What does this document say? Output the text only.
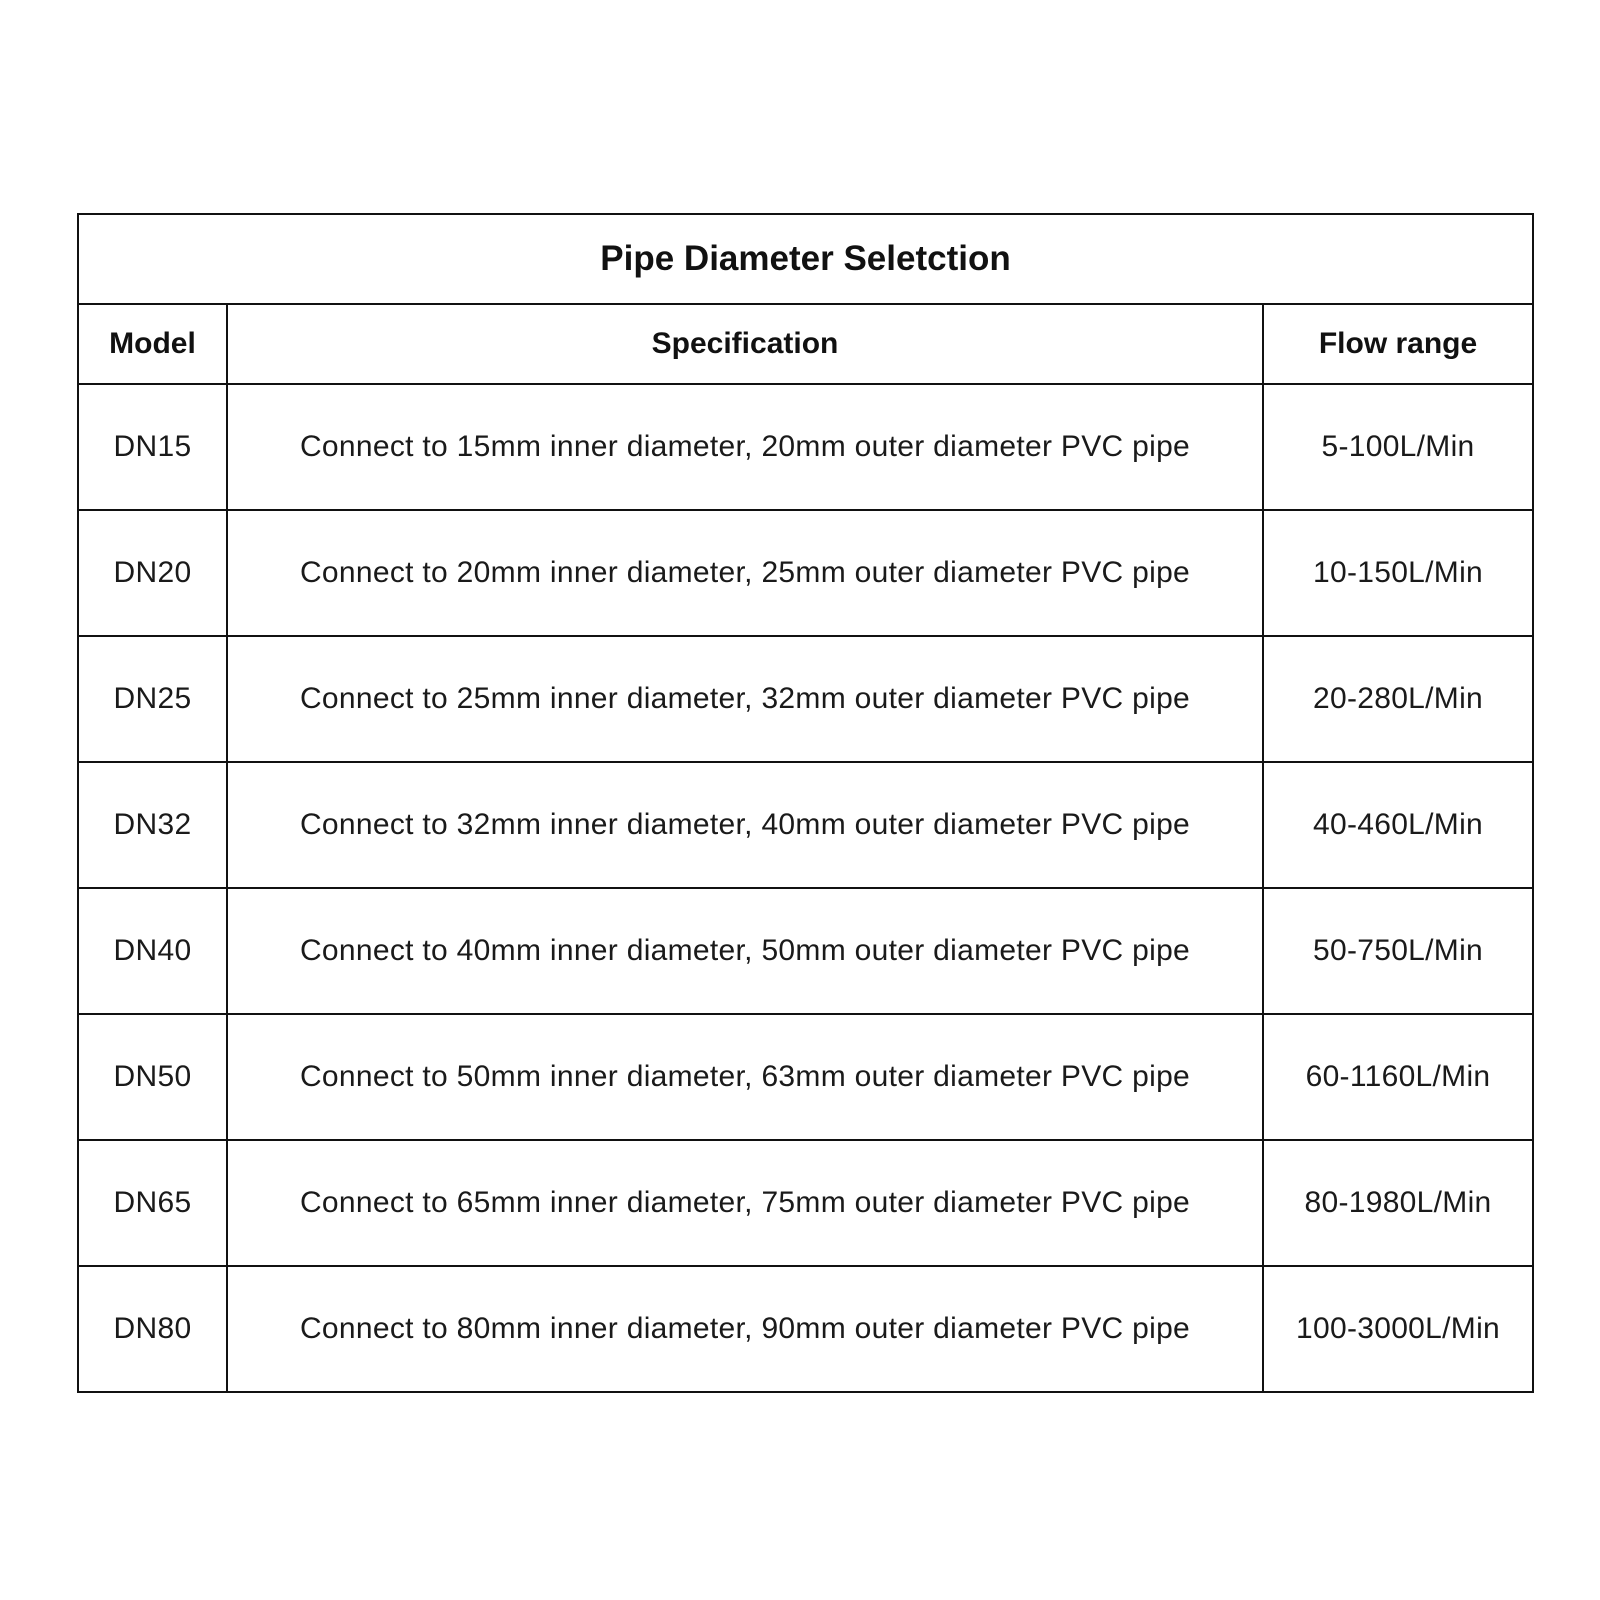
Pipe Diameter Seletction		
Model	Specification	Flow range
DN15	Connect to 15mm inner diameter, 20mm outer diameter PVC pipe	5-100L/Min
DN20	Connect to 20mm inner diameter, 25mm outer diameter PVC pipe	10-150L/Min
DN25	Connect to 25mm inner diameter, 32mm outer diameter PVC pipe	20-280L/Min
DN32	Connect to 32mm inner diameter, 40mm outer diameter PVC pipe	40-460L/Min
DN40	Connect to 40mm inner diameter, 50mm outer diameter PVC pipe	50-750L/Min
DN50	Connect to 50mm inner diameter, 63mm outer diameter PVC pipe	60-1160L/Min
DN65	Connect to 65mm inner diameter, 75mm outer diameter PVC pipe	80-1980L/Min
DN80	Connect to 80mm inner diameter, 90mm outer diameter PVC pipe	100-3000L/Min
